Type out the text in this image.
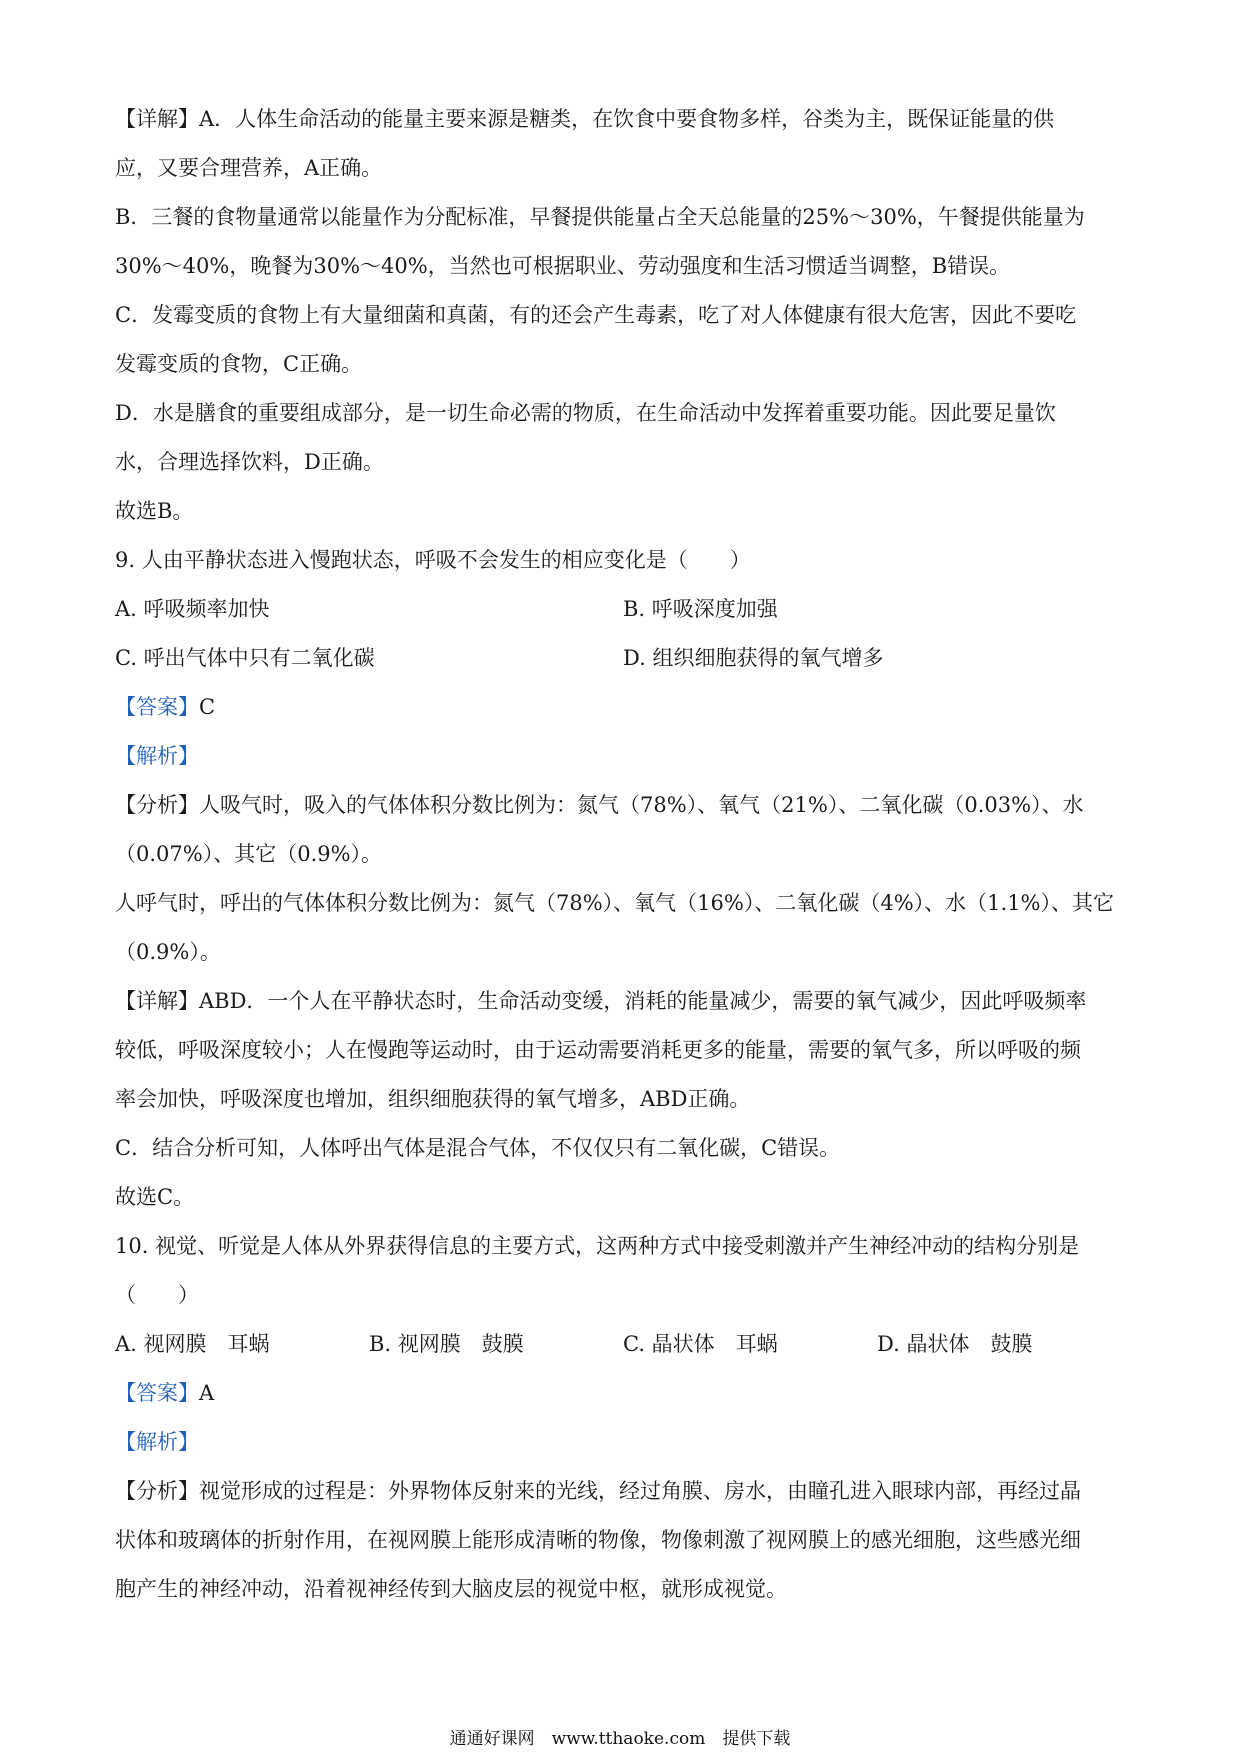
【详解】A．人体生命活动的能量主要来源是糖类，在饮食中要食物多样，谷类为主，既保证能量的供
应，又要合理营养，A正确。
B．三餐的食物量通常以能量作为分配标准，早餐提供能量占全天总能量的25%～30%，午餐提供能量为
30%～40%，晚餐为30%～40%，当然也可根据职业、劳动强度和生活习惯适当调整，B错误。
C．发霉变质的食物上有大量细菌和真菌，有的还会产生毒素，吃了对人体健康有很大危害，因此不要吃
发霉变质的食物，C正确。
D．水是膳食的重要组成部分，是一切生命必需的物质，在生命活动中发挥着重要功能。因此要足量饮
水，合理选择饮料，D正确。
故选B。
9. 人由平静状态进入慢跑状态，呼吸不会发生的相应变化是（　　）
A. 呼吸频率加快	B. 呼吸深度加强
C. 呼出气体中只有二氧化碳	D. 组织细胞获得的氧气增多
【答案】C
【解析】
【分析】人吸气时，吸入的气体体积分数比例为：氮气（78%）、氧气（21%）、二氧化碳（0.03%）、水
（0.07%）、其它（0.9%）。
人呼气时，呼出的气体体积分数比例为：氮气（78%）、氧气（16%）、二氧化碳（4%）、水（1.1%）、其它
（0.9%）。
【详解】ABD．一个人在平静状态时，生命活动变缓，消耗的能量减少，需要的氧气减少，因此呼吸频率
较低，呼吸深度较小；人在慢跑等运动时，由于运动需要消耗更多的能量，需要的氧气多，所以呼吸的频
率会加快，呼吸深度也增加，组织细胞获得的氧气增多，ABD正确。
C．结合分析可知，人体呼出气体是混合气体，不仅仅只有二氧化碳，C错误。
故选C。
10. 视觉、听觉是人体从外界获得信息的主要方式，这两种方式中接受刺激并产生神经冲动的结构分别是
（　　）
A. 视网膜　耳蜗	B. 视网膜　鼓膜	C. 晶状体　耳蜗	D. 晶状体　鼓膜
【答案】A
【解析】
【分析】视觉形成的过程是：外界物体反射来的光线，经过角膜、房水，由瞳孔进入眼球内部，再经过晶
状体和玻璃体的折射作用，在视网膜上能形成清晰的物像，物像刺激了视网膜上的感光细胞，这些感光细
胞产生的神经冲动，沿着视神经传到大脑皮层的视觉中枢，就形成视觉。
通通好课网　www.tthaoke.com　提供下载
